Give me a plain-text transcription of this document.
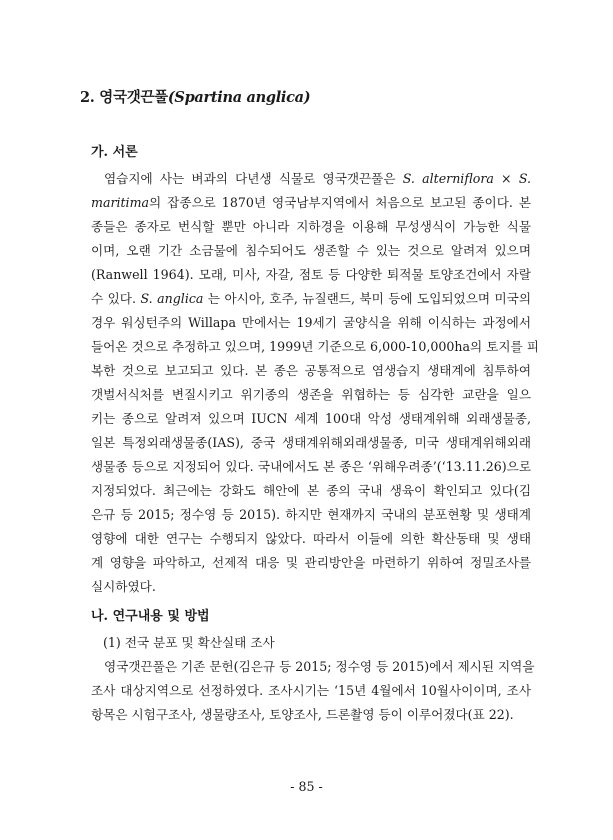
2. 영국갯끈풀(Spartina anglica)
가. 서론
염습지에 사는 벼과의 다년생 식물로 영국갯끈풀은 S. alterniflora × S.
maritima의 잡종으로 1870년 영국남부지역에서 처음으로 보고된 종이다. 본
종들은 종자로 번식할 뿐만 아니라 지하경을 이용해 무성생식이 가능한 식물
이며, 오랜 기간 소금물에 침수되어도 생존할 수 있는 것으로 알려져 있으며
(Ranwell 1964). 모래, 미사, 자갈, 점토 등 다양한 퇴적물 토양조건에서 자랄
수 있다. S. anglica 는 아시아, 호주, 뉴질랜드, 북미 등에 도입되었으며 미국의
경우 워싱턴주의 Willapa 만에서는 19세기 굴양식을 위해 이식하는 과정에서
들어온 것으로 추정하고 있으며, 1999년 기준으로 6,000-10,000ha의 토지를 피
복한 것으로 보고되고 있다. 본 종은 공통적으로 염생습지 생태계에 침투하여
갯벌서식처를 변질시키고 위기종의 생존을 위협하는 등 심각한 교란을 일으
키는 종으로 알려져 있으며 IUCN 세계 100대 악성 생태계위해 외래생물종,
일본 특정외래생물종(IAS), 중국 생태계위해외래생물종, 미국 생태계위해외래
생물종 등으로 지정되어 있다. 국내에서도 본 종은 ‘위해우려종’(‘13.11.26)으로
지정되었다. 최근에는 강화도 해안에 본 종의 국내 생육이 확인되고 있다(김
은규 등 2015; 정수영 등 2015). 하지만 현재까지 국내의 분포현황 및 생태계
영향에 대한 연구는 수행되지 않았다. 따라서 이들에 의한 확산동태 및 생태
계 영향을 파악하고, 선제적 대응 및 관리방안을 마련하기 위하여 정밀조사를
실시하였다.
나. 연구내용 및 방법
(1) 전국 분포 및 확산실태 조사
영국갯끈풀은 기존 문헌(김은규 등 2015; 정수영 등 2015)에서 제시된 지역을
조사 대상지역으로 선정하였다. 조사시기는 ‘15년 4월에서 10월사이이며, 조사
항목은 시험구조사, 생물량조사, 토양조사, 드론촬영 등이 이루어졌다(표 22).
- 85 -
